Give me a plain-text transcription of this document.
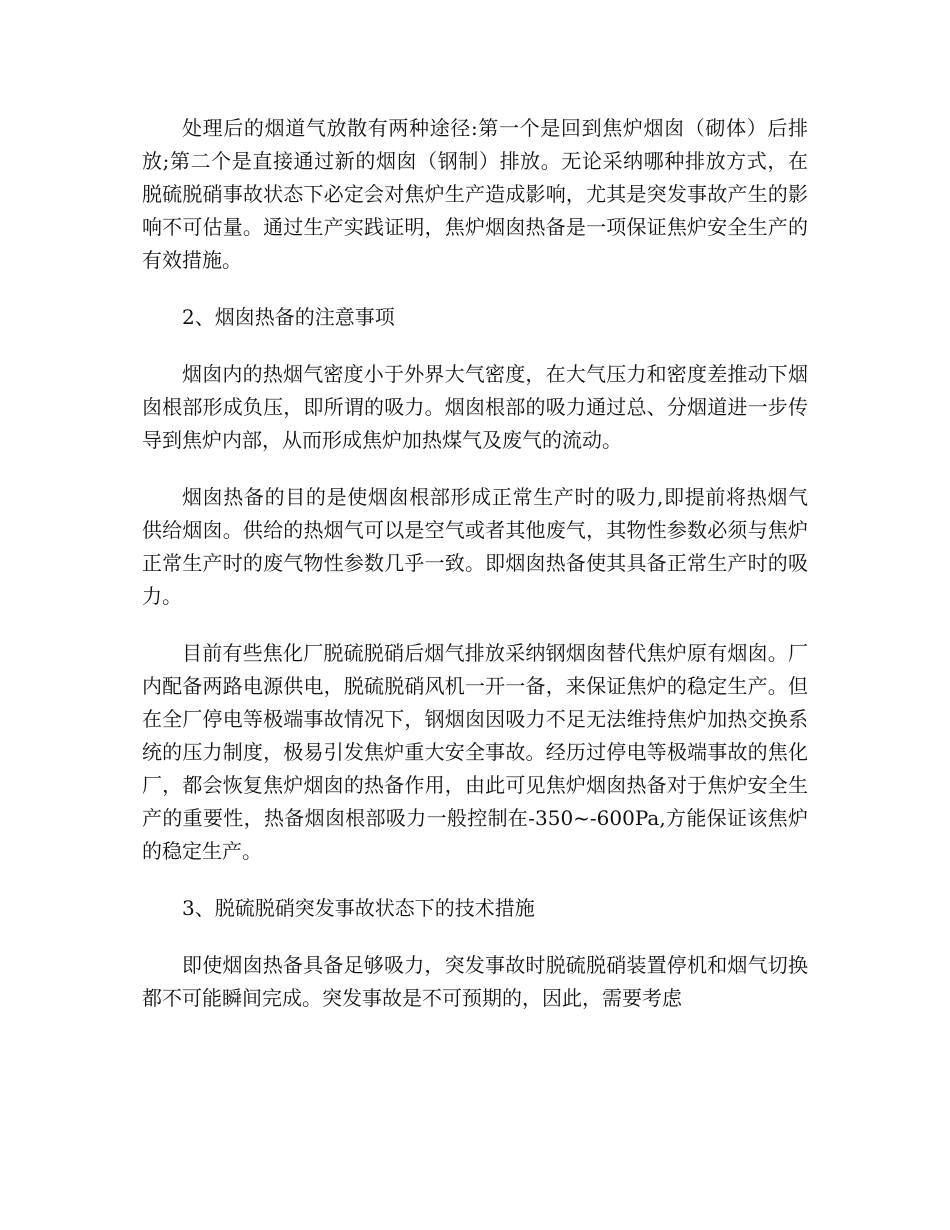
处理后的烟道气放散有两种途径:第一个是回到焦炉烟囱（砌体）后排放;第二个是直接通过新的烟囱（钢制）排放。无论采纳哪种排放方式，在脱硫脱硝事故状态下必定会对焦炉生产造成影响，尤其是突发事故产生的影响不可估量。通过生产实践证明，焦炉烟囱热备是一项保证焦炉安全生产的有效措施。

2、烟囱热备的注意事项

烟囱内的热烟气密度小于外界大气密度，在大气压力和密度差推动下烟囱根部形成负压，即所谓的吸力。烟囱根部的吸力通过总、分烟道进一步传导到焦炉内部，从而形成焦炉加热煤气及废气的流动。

烟囱热备的目的是使烟囱根部形成正常生产时的吸力,即提前将热烟气供给烟囱。供给的热烟气可以是空气或者其他废气，其物性参数必须与焦炉正常生产时的废气物性参数几乎一致。即烟囱热备使其具备正常生产时的吸力。

目前有些焦化厂脱硫脱硝后烟气排放采纳钢烟囱替代焦炉原有烟囱。厂内配备两路电源供电，脱硫脱硝风机一开一备，来保证焦炉的稳定生产。但在全厂停电等极端事故情况下，钢烟囱因吸力不足无法维持焦炉加热交换系统的压力制度，极易引发焦炉重大安全事故。经历过停电等极端事故的焦化厂，都会恢复焦炉烟囱的热备作用，由此可见焦炉烟囱热备对于焦炉安全生产的重要性，热备烟囱根部吸力一般控制在-350~-600Pa,方能保证该焦炉的稳定生产。

3、脱硫脱硝突发事故状态下的技术措施

即使烟囱热备具备足够吸力，突发事故时脱硫脱硝装置停机和烟气切换都不可能瞬间完成。突发事故是不可预期的，因此，需要考虑
